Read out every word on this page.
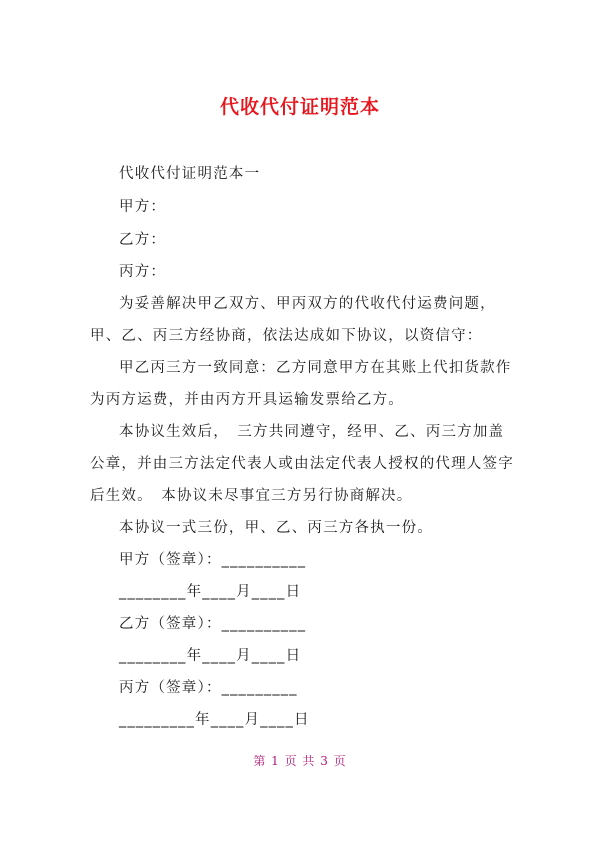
代收代付证明范本
代收代付证明范本一
甲方：
乙方：
丙方：
为妥善解决甲乙双方、甲丙双方的代收代付运费问题，
甲、乙、丙三方经协商，依法达成如下协议，以资信守：
甲乙丙三方一致同意：乙方同意甲方在其账上代扣货款作
为丙方运费，并由丙方开具运输发票给乙方。
本协议生效后，　三方共同遵守，经甲、乙、丙三方加盖
公章，并由三方法定代表人或由法定代表人授权的代理人签字
后生效。　本协议未尽事宜三方另行协商解决。
本协议一式三份，甲、乙、丙三方各执一份。
甲方（签章）：__________
________年____月____日
乙方（签章）：__________
________年____月____日
丙方（签章）：_________
_________年____月____日
第 1 页 共 3 页
